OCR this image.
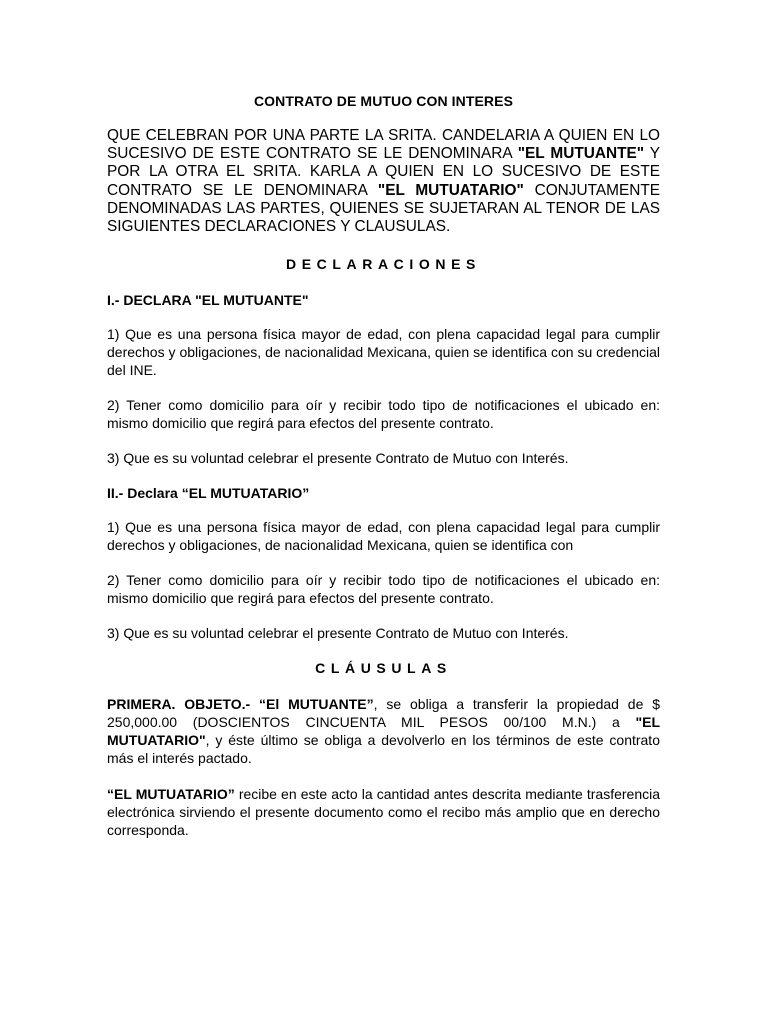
CONTRATO DE MUTUO CON INTERES

QUE CELEBRAN POR UNA PARTE LA SRITA. CANDELARIA A QUIEN EN LO SUCESIVO DE ESTE CONTRATO SE LE DENOMINARA "EL MUTUANTE" Y POR LA OTRA EL SRITA. KARLA A QUIEN EN LO SUCESIVO DE ESTE CONTRATO SE LE DENOMINARA "EL MUTUATARIO" CONJUTAMENTE DENOMINADAS LAS PARTES, QUIENES SE SUJETARAN AL TENOR DE LAS SIGUIENTES DECLARACIONES Y CLAUSULAS.

DECLARACIONES
I.- DECLARA "EL MUTUANTE"

1) Que es una persona física mayor de edad, con plena capacidad legal para cumplir derechos y obligaciones, de nacionalidad Mexicana, quien se identifica con su credencial del INE.

2) Tener como domicilio para oír y recibir todo tipo de notificaciones el ubicado en: mismo domicilio que regirá para efectos del presente contrato.

3) Que es su voluntad celebrar el presente Contrato de Mutuo con Interés.

II.- Declara “EL MUTUATARIO”

1) Que es una persona física mayor de edad, con plena capacidad legal para cumplir derechos y obligaciones, de nacionalidad Mexicana, quien se identifica con

2) Tener como domicilio para oír y recibir todo tipo de notificaciones el ubicado en: mismo domicilio que regirá para efectos del presente contrato.

3) Que es su voluntad celebrar el presente Contrato de Mutuo con Interés.

CLÁUSULAS

PRIMERA. OBJETO.- “El MUTUANTE”, se obliga a transferir la propiedad de $ 250,000.00 (DOSCIENTOS CINCUENTA MIL PESOS 00/100 M.N.) a "EL MUTUATARIO", y éste último se obliga a devolverlo en los términos de este contrato más el interés pactado.

“EL MUTUATARIO” recibe en este acto la cantidad antes descrita mediante trasferencia electrónica sirviendo el presente documento como el recibo más amplio que en derecho corresponda.
